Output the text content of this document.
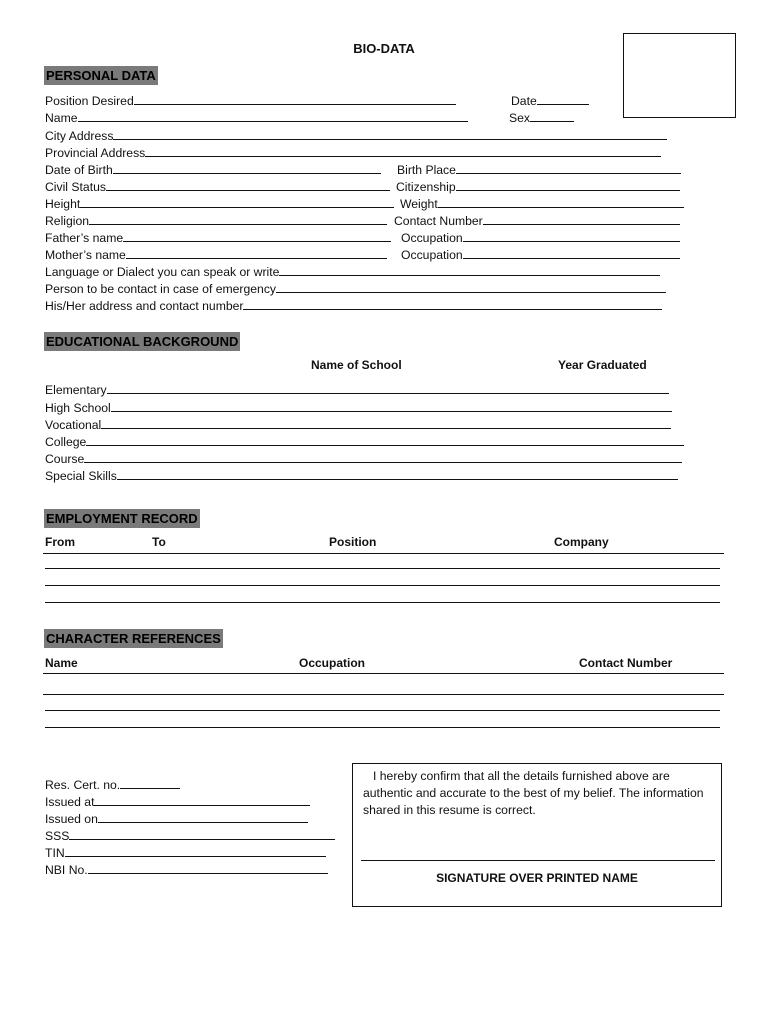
BIO-DATA
PERSONAL DATA
Position Desired	Date
Name	Sex
City Address
Provincial Address
Date of Birth	Birth Place
Civil Status	Citizenship
Height	Weight
Religion	Contact Number
Father’s name	Occupation
Mother’s name	Occupation
Language or Dialect you can speak or write
Person to be contact in case of emergency
His/Her address and contact number
EDUCATIONAL BACKGROUND
Name of School	Year Graduated
Elementary
High School
Vocational
College
Course
Special Skills
EMPLOYMENT RECORD
From	To	Position	Company
CHARACTER REFERENCES
Name	Occupation	Contact Number
Res. Cert. no.
Issued at
Issued on
SSS
TIN
NBI No.
I hereby confirm that all the details furnished above are authentic and accurate to the best of my belief. The information shared in this resume is correct.
SIGNATURE OVER PRINTED NAME
